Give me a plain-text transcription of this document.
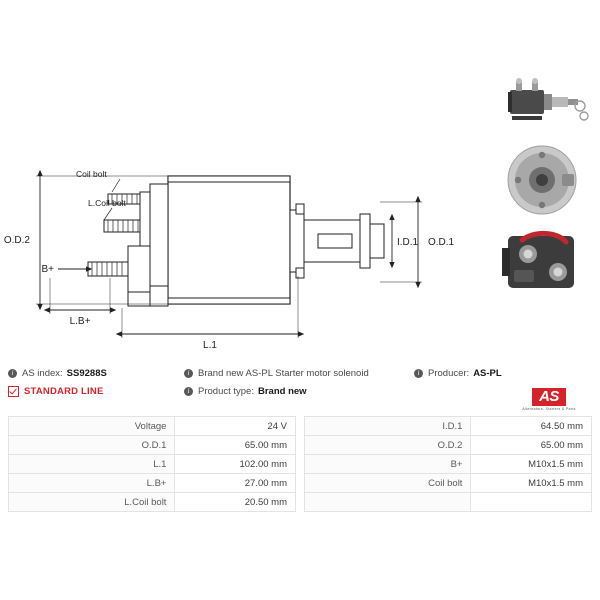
O.D.2	O.D.1
I.D.1
L.1
L.B+
B+
Coil bolt
L.Coil bolt
i AS index: SS9288S	i Brand new AS-PL Starter motor solenoid	i Producer: AS-PL
STANDARD LINE	i Product type: Brand new	AS
Alternators, Starters & Parts
Voltage	24 V
O.D.1	65.00 mm
L.1	102.00 mm
L.B+	27.00 mm
L.Coil bolt	20.50 mm
I.D.1	64.50 mm
O.D.2	65.00 mm
B+	M10x1.5 mm
Coil bolt	M10x1.5 mm
